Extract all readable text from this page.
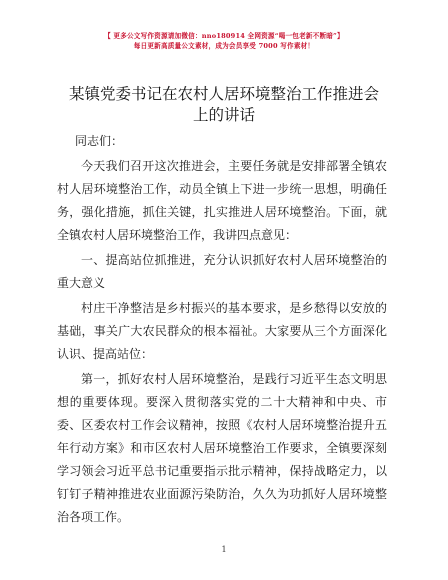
【 更多公文写作资源请加微信：nno180914 全网资源“喝一包老新不断暗”】
每日更新高质量公文素材，成为会员享受 7000 写作素材！
某镇党委书记在农村人居环境整治工作推进会
上的讲话

同志们：

今天我们召开这次推进会，主要任务就是安排部署全镇农村人居环境整治工作，动员全镇上下进一步统一思想，明确任务，强化措施，抓住关键，扎实推进人居环境整治。下面，就全镇农村人居环境整治工作，我讲四点意见：

一、提高站位抓推进，充分认识抓好农村人居环境整治的重大意义

村庄干净整洁是乡村振兴的基本要求，是乡愁得以安放的基础，事关广大农民群众的根本福祉。大家要从三个方面深化认识、提高站位：

第一，抓好农村人居环境整治，是践行习近平生态文明思想的重要体现。要深入贯彻落实党的二十大精神和中央、市委、区委农村工作会议精神，按照《农村人居环境整治提升五年行动方案》和市区农村人居环境整治工作要求，全镇要深刻学习领会习近平总书记重要指示批示精神，保持战略定力，以钉钉子精神推进农业面源污染防治，久久为功抓好人居环境整治各项工作。

1
